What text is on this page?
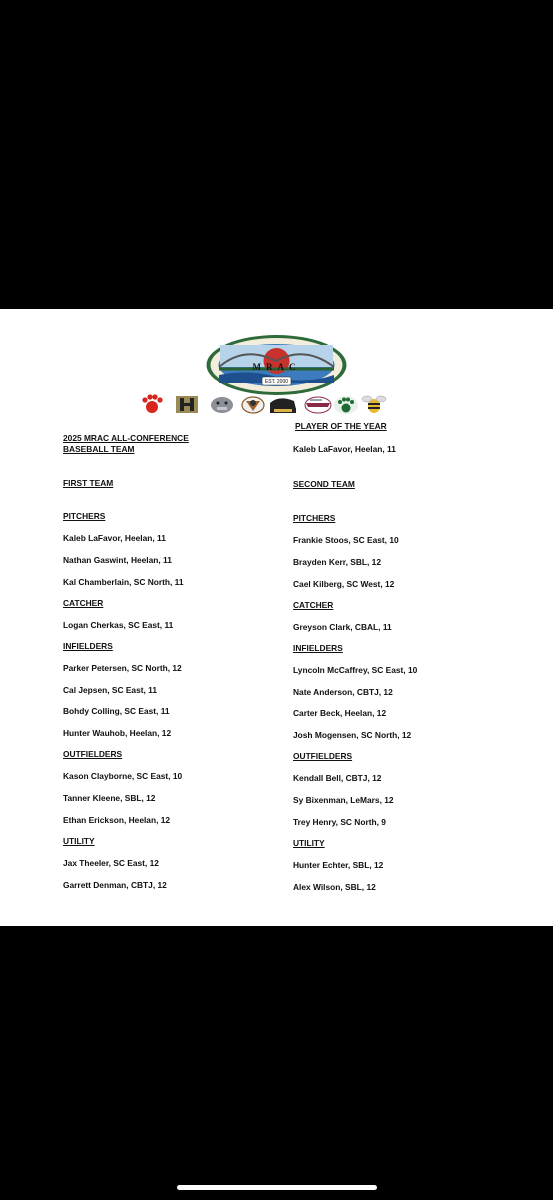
MRAC
EST. 2000
2025 MRAC ALL-CONFERENCE
BASEBALL TEAM
FIRST TEAM
PITCHERS
Kaleb LaFavor, Heelan, 11
Nathan Gaswint, Heelan, 11
Kal Chamberlain, SC North, 11
CATCHER
Logan Cherkas, SC East, 11
INFIELDERS
Parker Petersen, SC North, 12
Cal Jepsen, SC East, 11
Bohdy Colling, SC East, 11
Hunter Wauhob, Heelan, 12
OUTFIELDERS
Kason Clayborne, SC East, 10
Tanner Kleene, SBL, 12
Ethan Erickson, Heelan, 12
UTILITY
Jax Theeler, SC East, 12
Garrett Denman, CBTJ, 12
PLAYER OF THE YEAR
Kaleb LaFavor, Heelan, 11
SECOND TEAM
PITCHERS
Frankie Stoos, SC East, 10
Brayden Kerr, SBL, 12
Cael Kilberg, SC West, 12
CATCHER
Greyson Clark, CBAL, 11
INFIELDERS
Lyncoln McCaffrey, SC East, 10
Nate Anderson, CBTJ, 12
Carter Beck, Heelan, 12
Josh Mogensen, SC North, 12
OUTFIELDERS
Kendall Bell, CBTJ, 12
Sy Bixenman, LeMars, 12
Trey Henry, SC North, 9
UTILITY
Hunter Echter, SBL, 12
Alex Wilson, SBL, 12
